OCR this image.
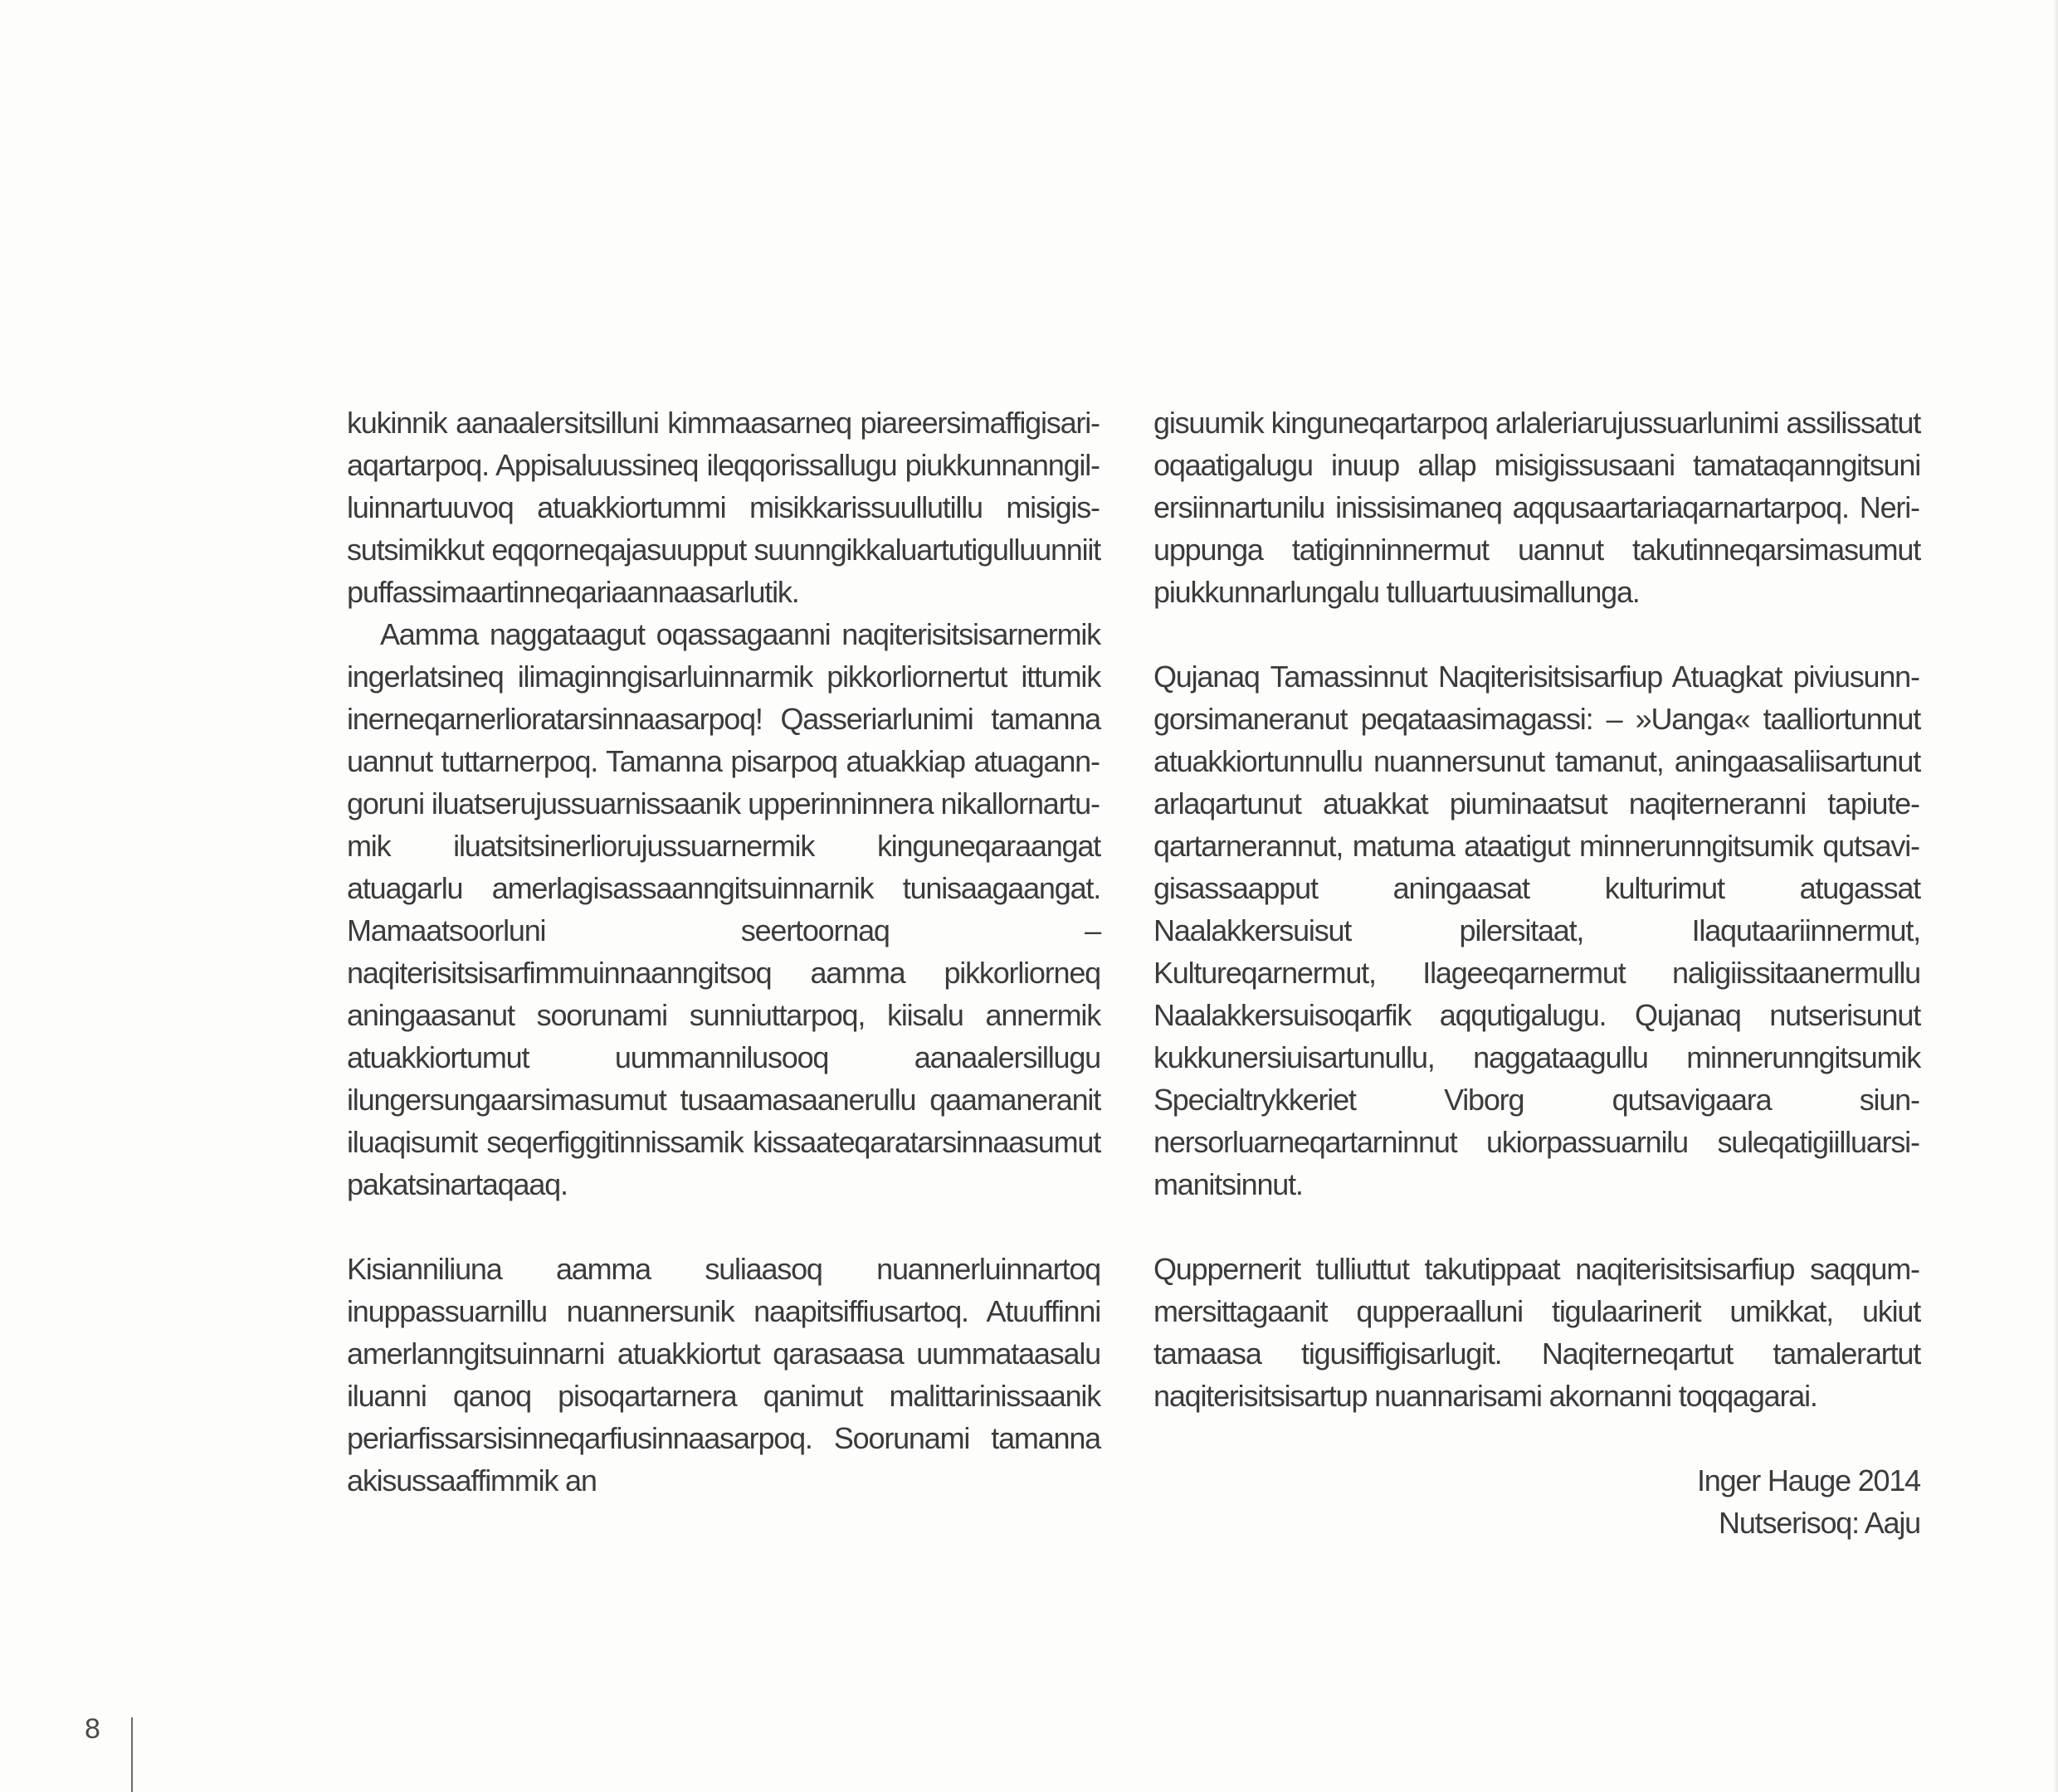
kukinnik aanaalersitsilluni kimmaasarneq piareersimaffigisariaqartarpoq. Appisaluussineq ileqqorissallugu piukkunnanngilluinnartuuvoq atuakkiortummi misikkarissuullutillu misigissutsimikkut eqqorneqajasuupput suunngikkaluartutigulluunniit puffassimaartinneqariaannaasarlutik.

Aamma naggataagut oqassagaanni naqiterisitsisarnermik ingerlatsineq ilimaginngisarluinnarmik pikkorliornertut ittumik inerneqarnerlioratarsinnaasarpoq! Qasseriarlunimi tamanna uannut tuttarnerpoq. Tamanna pisarpoq atuakkiap atuaganngoruni iluatserujussuarnissaanik upperinninnera nikallornartumik iluatsitsinerliorujussuarnermik kinguneqaraangat atuagarlu amerlagisassaanngitsuinnarnik tunisaagaangat. Mamaatsoorluni seertoornaq – naqiterisitsisarfimmuinnaanngitsoq aamma pikkorliorneq aningaasanut soorunami sunniuttarpoq, kiisalu annermik atuakkiortumut uummannilusooq aanaalersillugu ilungersungaarsimasumut tusaamasaanerullu qaamaneranit iluaqisumit seqerfiggitinnissamik kissaateqaratarsinnaasumut pakatsinartaqaaq.

Kisianniliuna aamma suliaasoq nuannerluinnartoq inuppassuarnillu nuannersunik naapitsiffiusartoq. Atuuffinni amerlanngitsuinnarni atuakkiortut qarasaasa uummataasalu iluanni qanoq pisoqartarnera qanimut malittarinissaanik periarfissarsisinneqarfiusinnaasarpoq. Soorunami tamanna akisussaaffimmik an

gisuumik kinguneqartarpoq arlaleriarujussuarlunimi assilissatut oqaatigalugu inuup allap misigissusaani tamataqanngitsuni ersiinnartunilu inissisimaneq aqqusaartariaqarnartarpoq. Neriuppunga tatiginninnermut uannut takutinneqarsimasumut piukkunnarlungalu tulluartuusimallunga.

Qujanaq Tamassinnut Naqiterisitsisarfiup Atuagkat piviusunngorsimaneranut peqataasimagassi: – »Uanga« taalliortunnut atuakkiortunnullu nuannersunut tamanut, aningaasaliisartunut arlaqartunut atuakkat piuminaatsut naqiterneranni tapiuteqartarnerannut, matuma ataatigut minnerunngitsumik qutsavigisassaapput aningaasat kulturimut atugassat Naalakkersuisut pilersitaat, Ilaqutaariinnermut, Kultureqarnermut, Ilageeqarnermut naligiissitaanermullu Naalakkersuisoqarfik aqqutigalugu. Qujanaq nutserisunut kukkunersiuisartunullu, naggataagullu minnerunngitsumik Specialtrykkeriet Viborg qutsavigaara siunnersorluarneqartarninnut ukiorpassuarnilu suleqatigiilluarsimanitsinnut.

Quppernerit tulliuttut takutippaat naqiterisitsisarfiup saqqummersittagaanit qupperaalluni tigulaarinerit umikkat, ukiut tamaasa tigusiffigisarlugit. Naqiterneqartut tamalerartut naqiterisitsisartup nuannarisami akornanni toqqagarai.

Inger Hauge 2014
Nutserisoq: Aaju
8
